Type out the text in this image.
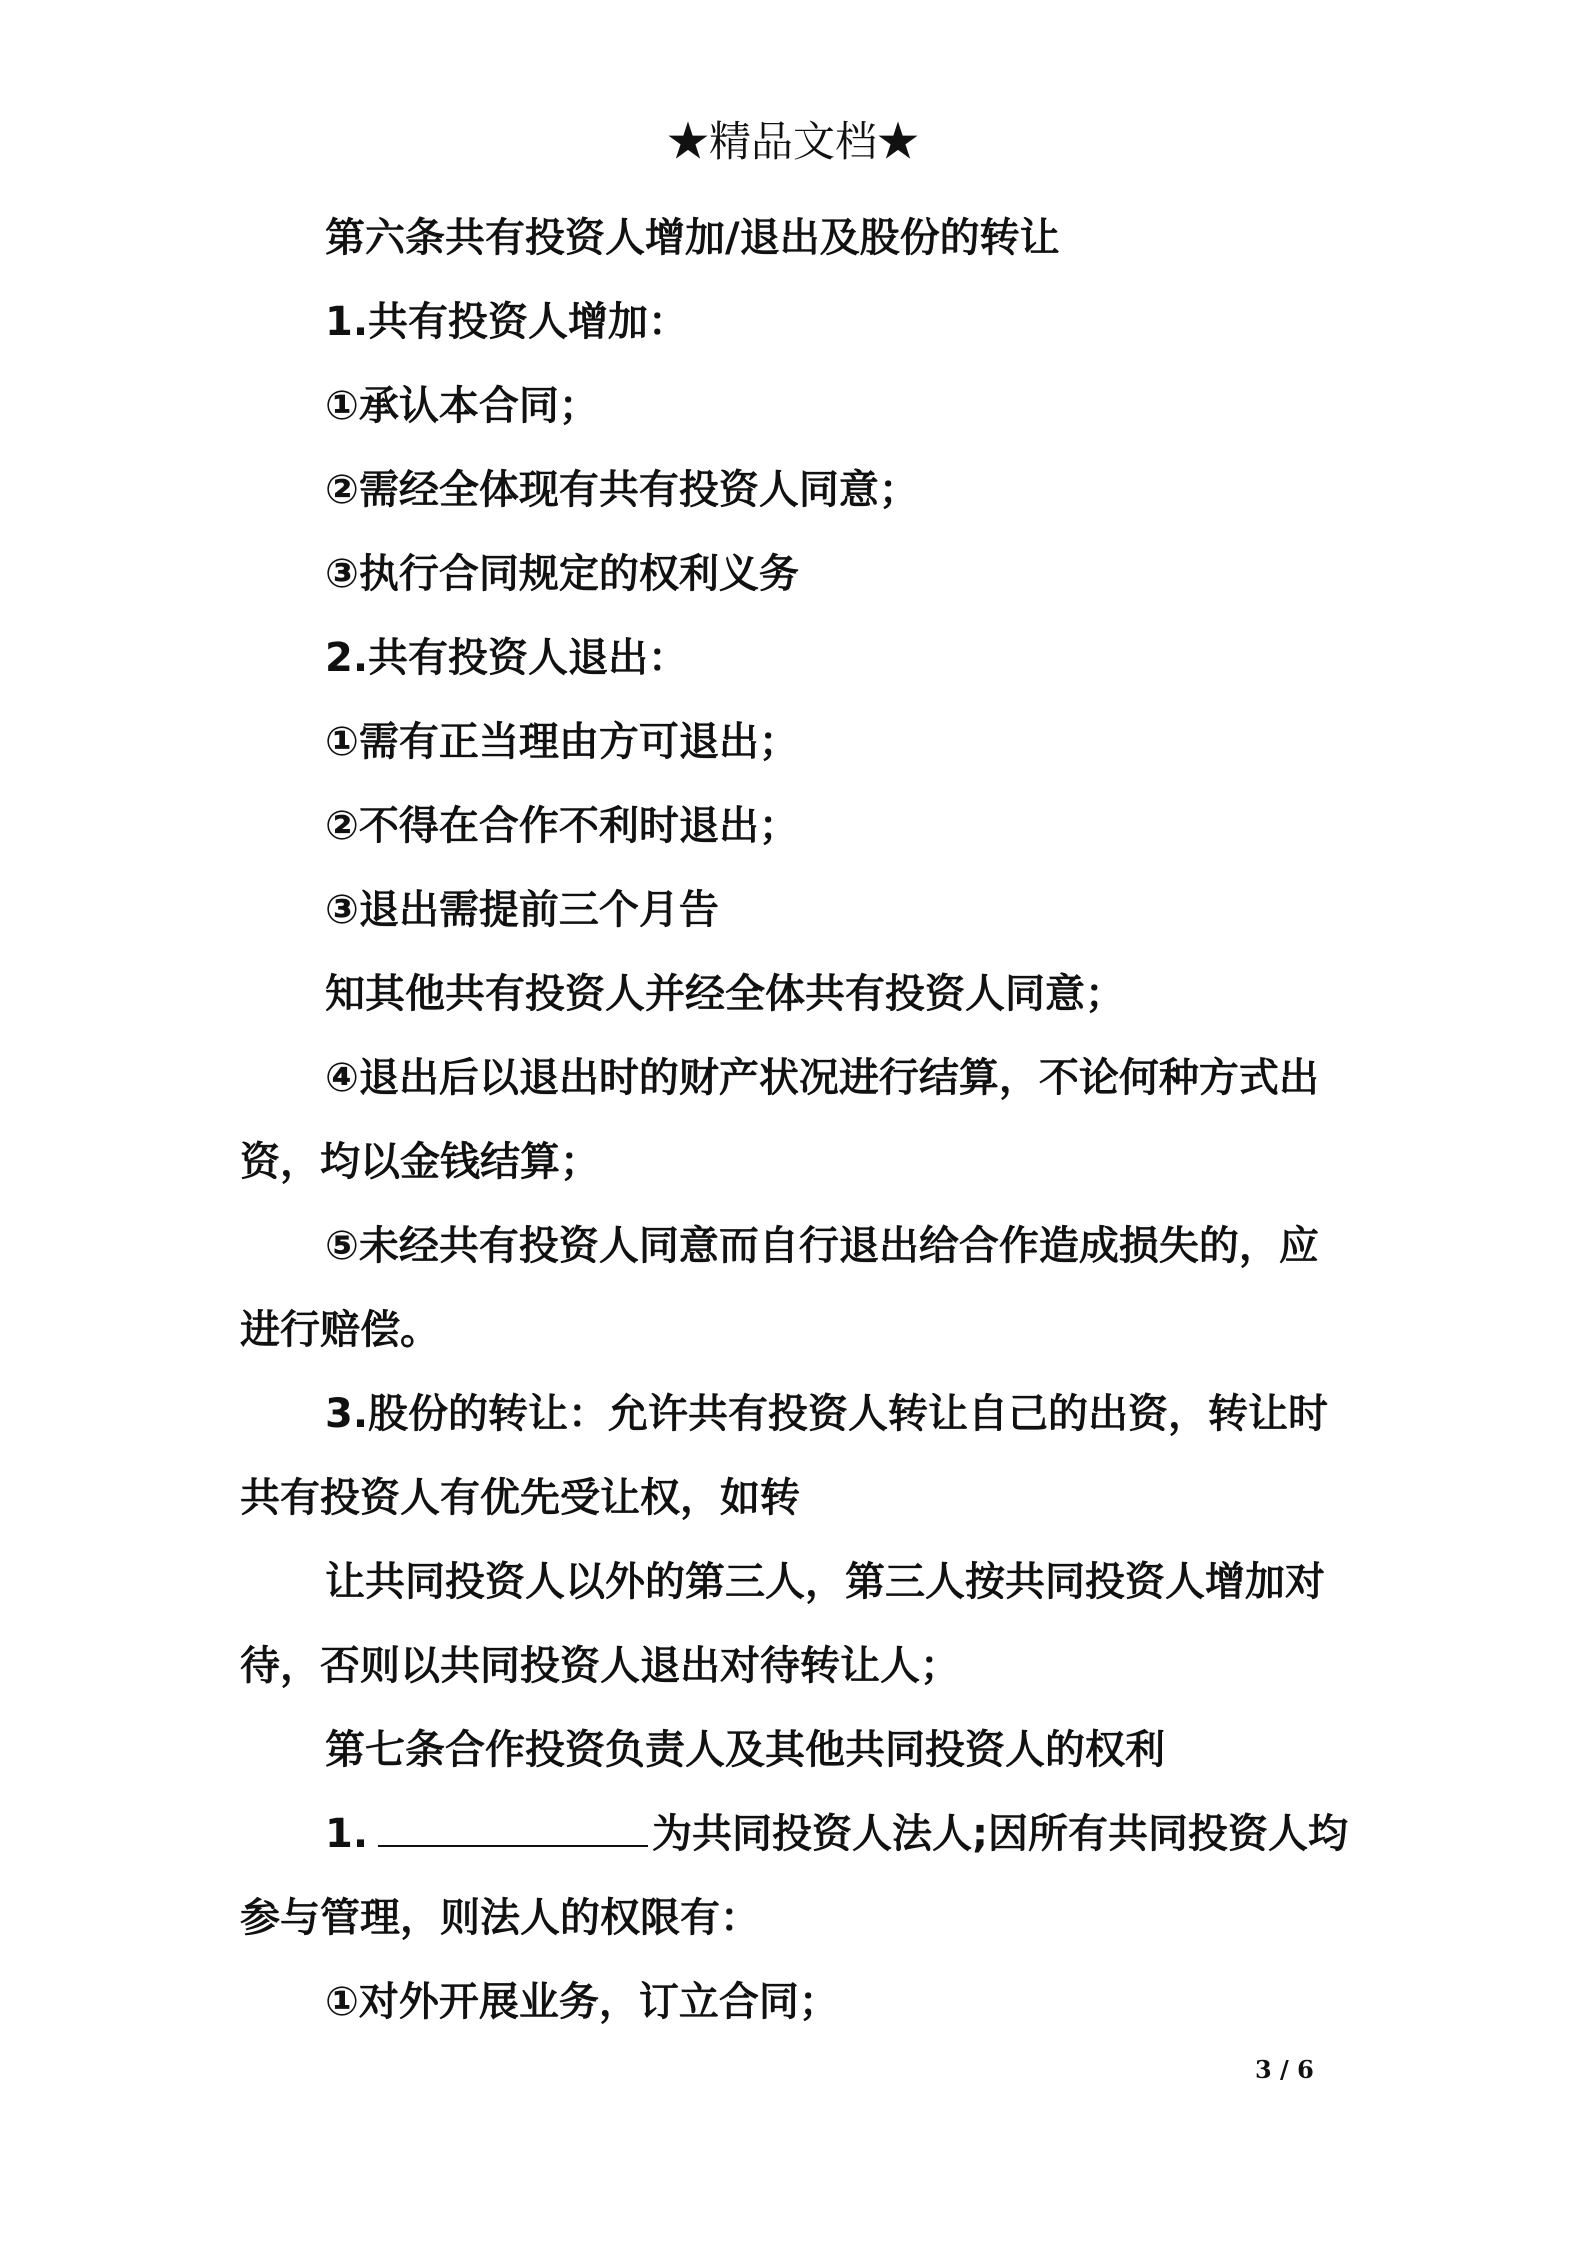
★精品文档★

第六条共有投资人增加/退出及股份的转让

1.共有投资人增加：

①承认本合同；

②需经全体现有共有投资人同意；

③执行合同规定的权利义务

2.共有投资人退出：

①需有正当理由方可退出；

②不得在合作不利时退出；

③退出需提前三个月告

知其他共有投资人并经全体共有投资人同意；

④退出后以退出时的财产状况进行结算，不论何种方式出

资，均以金钱结算；

⑤未经共有投资人同意而自行退出给合作造成损失的，应

进行赔偿。

3.股份的转让：允许共有投资人转让自己的出资，转让时

共有投资人有优先受让权，如转

让共同投资人以外的第三人，第三人按共同投资人增加对

待，否则以共同投资人退出对待转让人；

第七条合作投资负责人及其他共同投资人的权利

1.	为共同投资人法人;因所有共同投资人均

参与管理，则法人的权限有：

①对外开展业务，订立合同；

3 / 6
